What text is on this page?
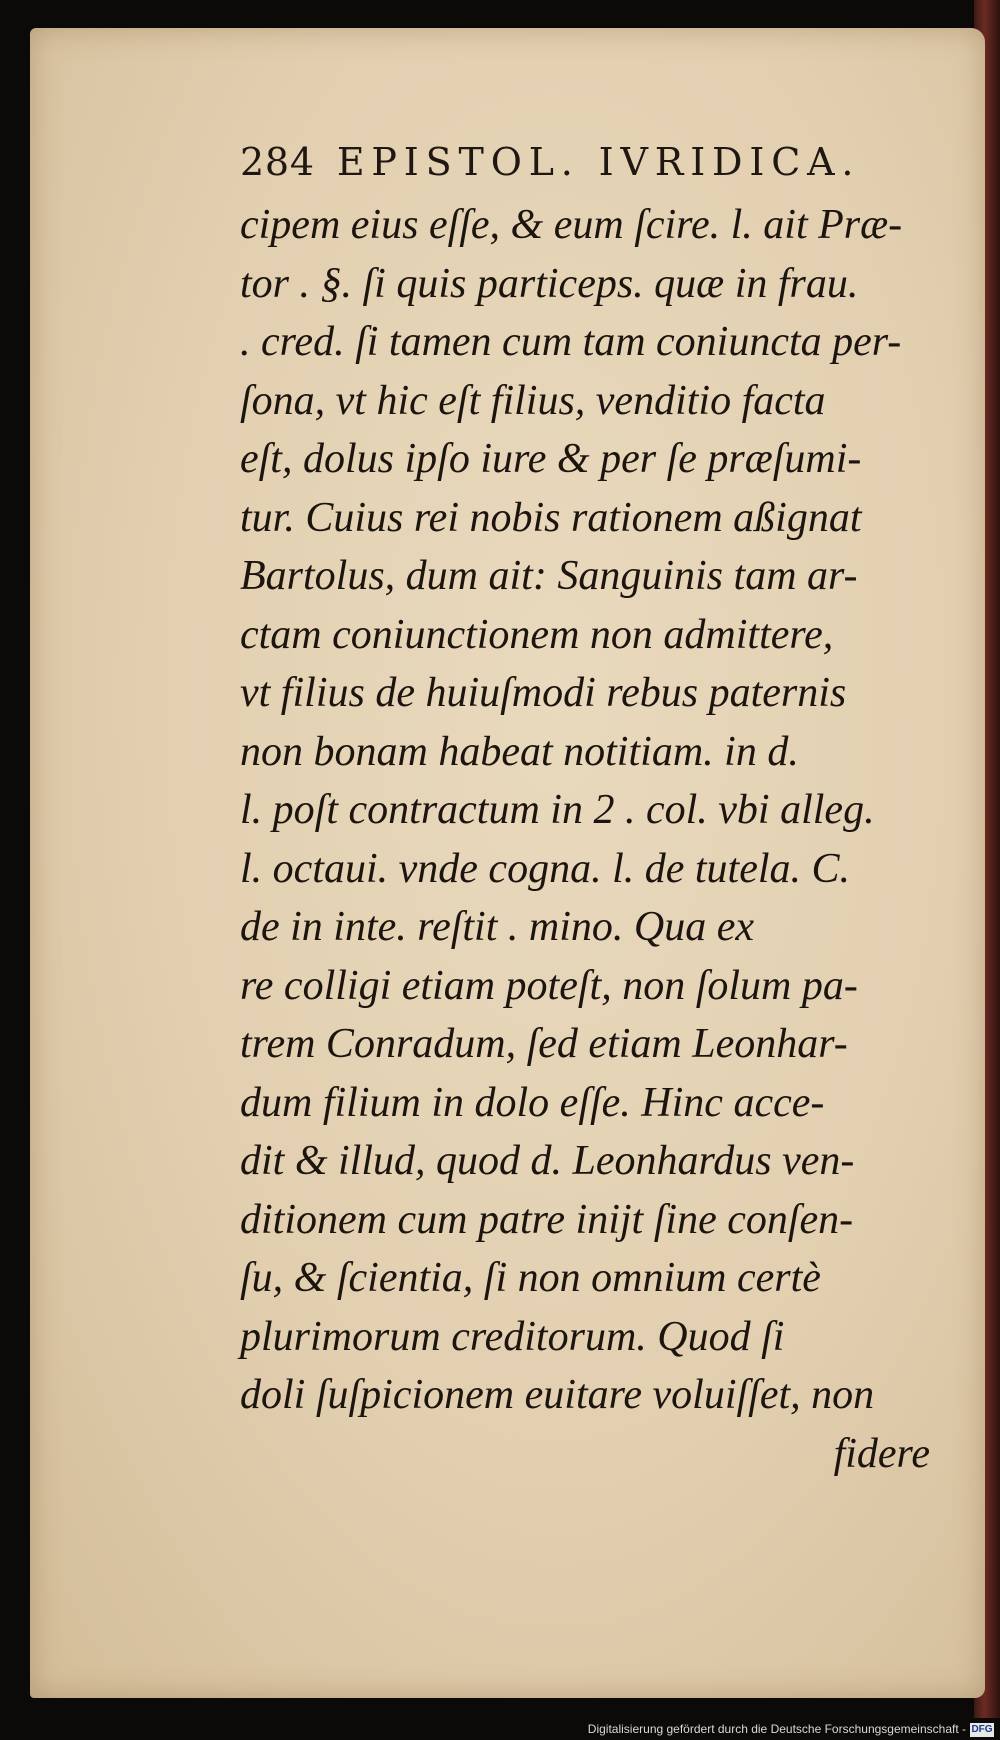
284 EPISTOL. IVRIDICA.
cipem eius eſſe, & eum ſcire. l. ait Præ-
tor . §. ſi quis particeps. quæ in frau.
. cred. ſi tamen cum tam coniuncta per-
ſona, vt hic eſt filius, venditio facta
eſt, dolus ipſo iure & per ſe præſumi-
tur. Cuius rei nobis rationem aßignat
Bartolus, dum ait: Sanguinis tam ar-
ctam coniunctionem non admittere,
vt filius de huiuſmodi rebus paternis
non bonam habeat notitiam. in d.
l. poſt contractum in 2 . col. vbi alleg.
l. octaui. vnde cogna. l. de tutela. C.
de in inte. reſtit . mino. Qua ex
re colligi etiam poteſt, non ſolum pa-
trem Conradum, ſed etiam Leonhar-
dum filium in dolo eſſe. Hinc acce-
dit & illud, quod d. Leonhardus ven-
ditionem cum patre inijt ſine conſen-
ſu, & ſcientia, ſi non omnium certè
plurimorum creditorum. Quod ſi
doli ſuſpicionem euitare voluiſſet, non
fidere
Digitalisierung gefördert durch die Deutsche Forschungsgemeinschaft - DFG
